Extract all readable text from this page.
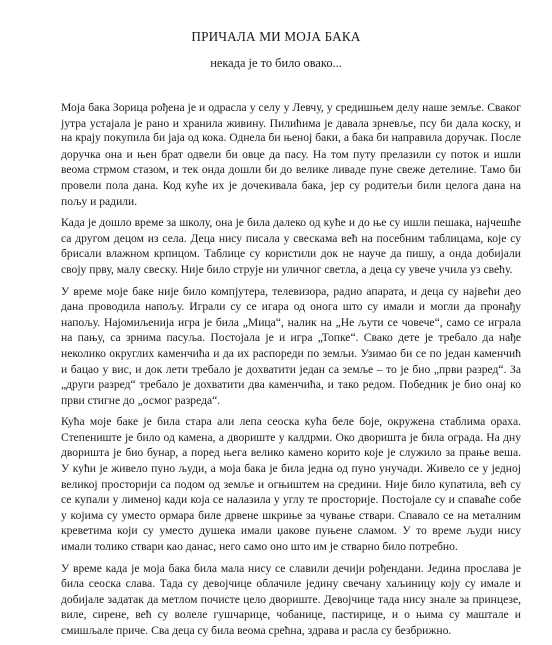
ПРИЧАЛА МИ МОЈА БАКА
некада је то било овако...
Моја бака Зорица рођена је и одрасла у селу у Левчу, у средишњем делу наше земље. Сваког
јутра устајала је рано и хранила живину. Пилићима је давала зрневље, псу би дала коску, и
на крају покупила би јаја од кока. Однела би њеној баки, а бака би направила доручак. После
доручка она и њен брат одвели би овце да пасу. На том путу прелазили су поток и ишли
веома стрмом стазом, и тек онда дошли би до велике ливаде пуне свеже детелине. Тамо би
провели пола дана. Код куће их је дочекивала бака, јер су родитељи били целога дана на
пољу и радили.
Када је дошло време за школу, она је била далеко од куће и до ње су ишли пешака, најчешће
са другом децом из села. Деца нису писала у свескама већ на посебним таблицама, које су
брисали влажном крпицом. Таблице су користили док не науче да пишу, а онда добијали
своју прву, малу свеску. Није било струје ни уличног светла, а деца су увече учила уз свећу.
У време моје баке није било компјутера, телевизора, радио апарата, и деца су највећи део
дана проводила напољу. Играли су се игара од онога што су имали и могли да пронађу
напољу. Најомиљенија игра је била „Мица“, налик на „Не љути се човече“, само се играла
на пању, са зрнима пасуља. Постојала је и игра „Топке“. Свако дете је требало да нађе
неколико округлих каменчића и да их распореди по земљи. Узимао би се по један каменчић
и бацао у вис, и док лети требало је дохватити један са земље – то је био „први разред“. За
„други разред“ требало је дохватити два каменчића, и тако редом. Победник је био онај ко
први стигне до „осмог разреда“.
Кућа моје баке је била стара али лепа сеоска кућа беле боје, окружена стаблима ораха.
Степениште је било од камена, а двориште у калдрми. Око дворишта је била ограда. На дну
дворишта је био бунар, а поред њега велико камено корито које је служило за прање веша.
У кући је живело пуно људи, а моја бака је била једна од пуно унучади. Живело се у једној
великој просторији са подом од земље и огњиштем на средини. Није било купатила, већ су
се купали у лименој кади која се налазила у углу те просторије. Постојале су и спаваће собе
у којима су уместо ормара биле дрвене шкриње за чување ствари. Спавало се на металним
креветима који су уместо душека имали џакове пуњене сламом. У то време људи нису
имали толико ствари као данас, него само оно што им је стварно било потребно.
У време када је моја бака била мала нису се славили дечији рођендани. Једина прослава је
била сеоска слава. Тада су девојчице облачиле једину свечану хаљиницу коју су имале и
добијале задатак да метлом почисте цело двориште. Девојчице тада нису знале за принцезе,
виле, сирене, већ су волеле гушчарице, чобанице, пастирице, и о њима су маштале и
смишљале приче. Сва деца су била веома срећна, здрава и расла су безбрижно.
